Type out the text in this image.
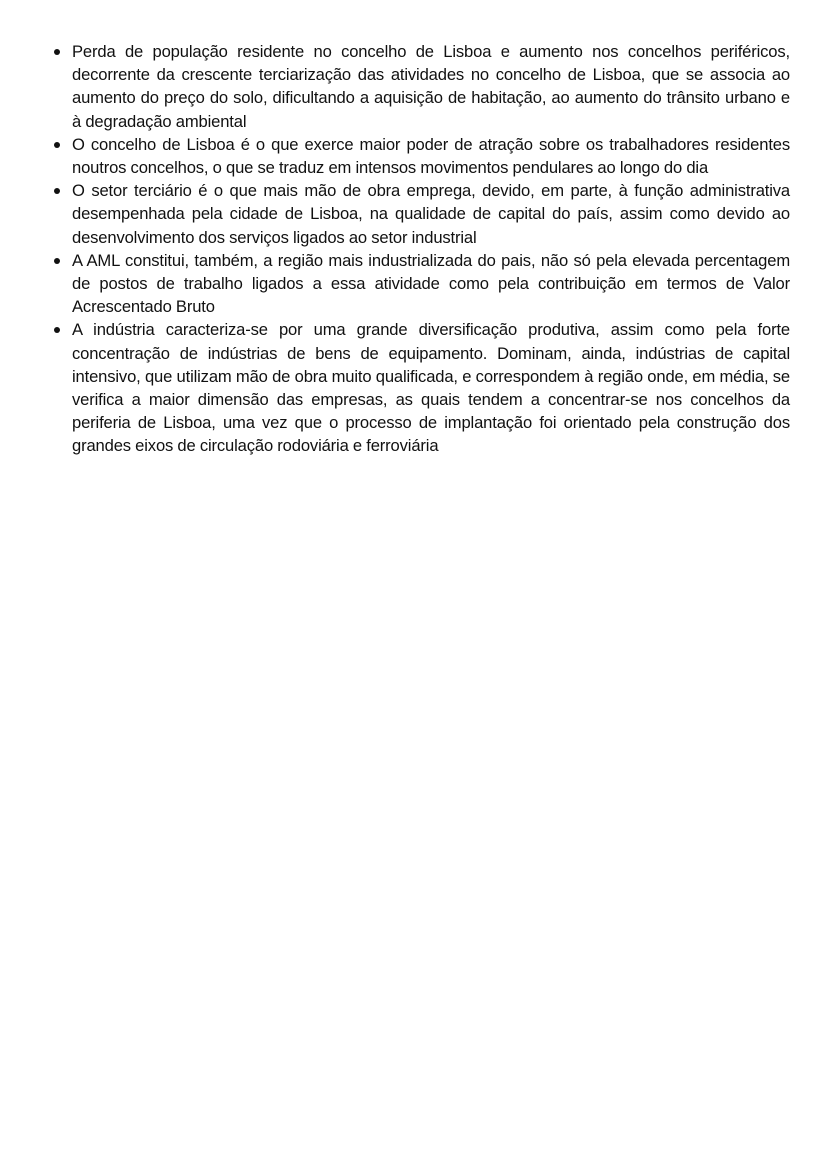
Perda de população residente no concelho de Lisboa e aumento nos concelhos periféricos, decorrente da crescente terciarização das atividades no concelho de Lisboa, que se associa ao aumento do preço do solo, dificultando a aquisição de habitação, ao aumento do trânsito urbano e à degradação ambiental
O concelho de Lisboa é o que exerce maior poder de atração sobre os trabalhadores residentes noutros concelhos, o que se traduz em intensos movimentos pendulares ao longo do dia
O setor terciário é o que mais mão de obra emprega, devido, em parte, à função administrativa desempenhada pela cidade de Lisboa, na qualidade de capital do país, assim como devido ao desenvolvimento dos serviços ligados ao setor industrial
A AML constitui, também, a região mais industrializada do pais, não só pela elevada percentagem de postos de trabalho ligados a essa atividade como pela contribuição em termos de Valor Acrescentado Bruto
A indústria caracteriza-se por uma grande diversificação produtiva, assim como pela forte concentração de indústrias de bens de equipamento. Dominam, ainda, indústrias de capital intensivo, que utilizam mão de obra muito qualificada, e correspondem à região onde, em média, se verifica a maior dimensão das empresas, as quais tendem a concentrar-se nos concelhos da periferia de Lisboa, uma vez que o processo de implantação foi orientado pela construção dos grandes eixos de circulação rodoviária e ferroviária
